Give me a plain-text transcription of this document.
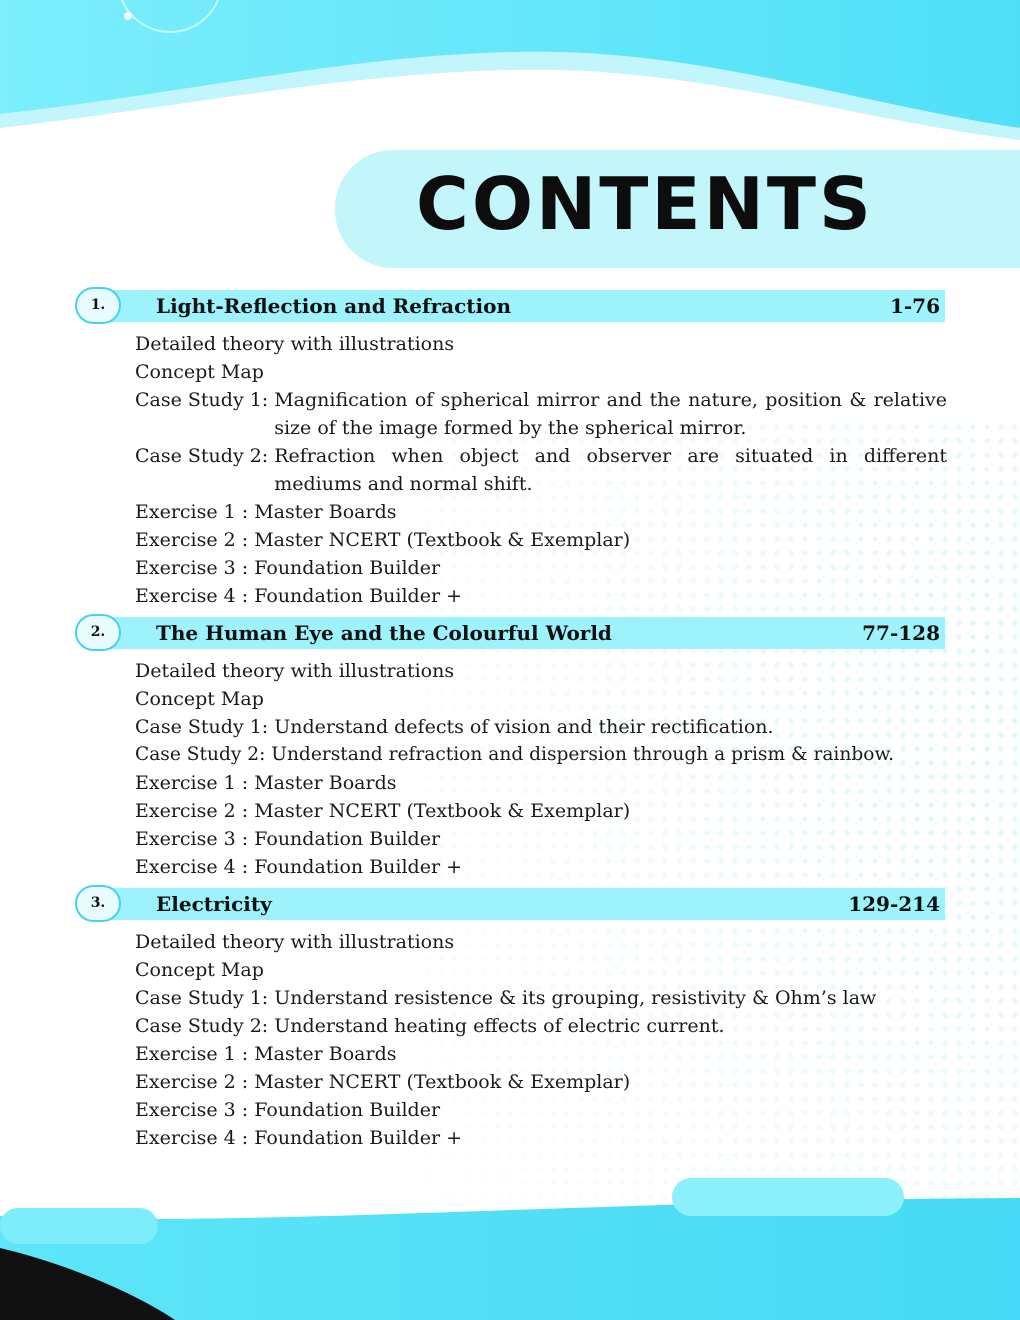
CONTENTS
1.	Light-Reflection and Refraction	1-76
Detailed theory with illustrations
Concept Map
Case Study 1: Magnification of spherical mirror and the nature, position & relative size of the image formed by the spherical mirror.
Case Study 2: Refraction when object and observer are situated in different mediums and normal shift.
Exercise 1 : Master Boards
Exercise 2 : Master NCERT (Textbook & Exemplar)
Exercise 3 : Foundation Builder
Exercise 4 : Foundation Builder +
2.	The Human Eye and the Colourful World	77-128
Detailed theory with illustrations
Concept Map
Case Study 1: Understand defects of vision and their rectification.
Case Study 2: Understand refraction and dispersion through a prism & rainbow.
Exercise 1 : Master Boards
Exercise 2 : Master NCERT (Textbook & Exemplar)
Exercise 3 : Foundation Builder
Exercise 4 : Foundation Builder +
3.	Electricity	129-214
Detailed theory with illustrations
Concept Map
Case Study 1: Understand resistence & its grouping, resistivity & Ohm’s law
Case Study 2: Understand heating effects of electric current.
Exercise 1 : Master Boards
Exercise 2 : Master NCERT (Textbook & Exemplar)
Exercise 3 : Foundation Builder
Exercise 4 : Foundation Builder +
